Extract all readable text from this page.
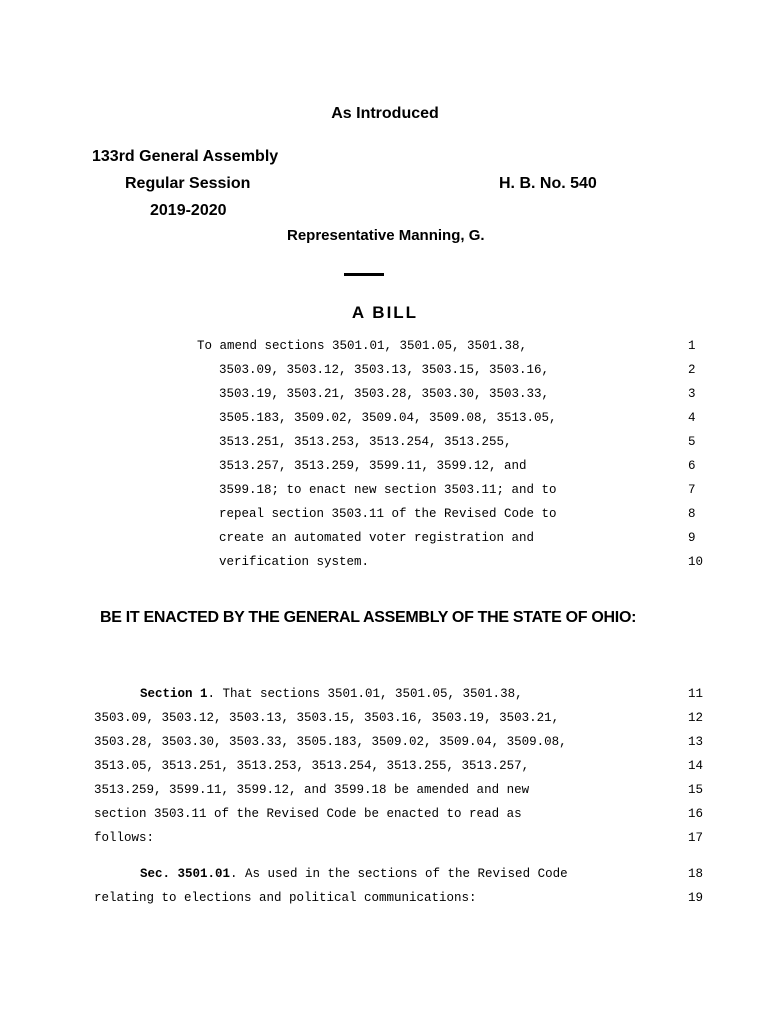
As Introduced
133rd General Assembly
Regular Session	H. B. No. 540
2019-2020
Representative Manning, G.
A BILL
To amend sections 3501.01, 3501.05, 3501.38,	1
3503.09, 3503.12, 3503.13, 3503.15, 3503.16,	2
3503.19, 3503.21, 3503.28, 3503.30, 3503.33,	3
3505.183, 3509.02, 3509.04, 3509.08, 3513.05,	4
3513.251, 3513.253, 3513.254, 3513.255,	5
3513.257, 3513.259, 3599.11, 3599.12, and	6
3599.18; to enact new section 3503.11; and to	7
repeal section 3503.11 of the Revised Code to	8
create an automated voter registration and	9
verification system.	10
BE IT ENACTED BY THE GENERAL ASSEMBLY OF THE STATE OF OHIO:
Section 1. That sections 3501.01, 3501.05, 3501.38,	11
3503.09, 3503.12, 3503.13, 3503.15, 3503.16, 3503.19, 3503.21,	12
3503.28, 3503.30, 3503.33, 3505.183, 3509.02, 3509.04, 3509.08,	13
3513.05, 3513.251, 3513.253, 3513.254, 3513.255, 3513.257,	14
3513.259, 3599.11, 3599.12, and 3599.18 be amended and new	15
section 3503.11 of the Revised Code be enacted to read as	16
follows:	17
Sec. 3501.01. As used in the sections of the Revised Code	18
relating to elections and political communications:	19
